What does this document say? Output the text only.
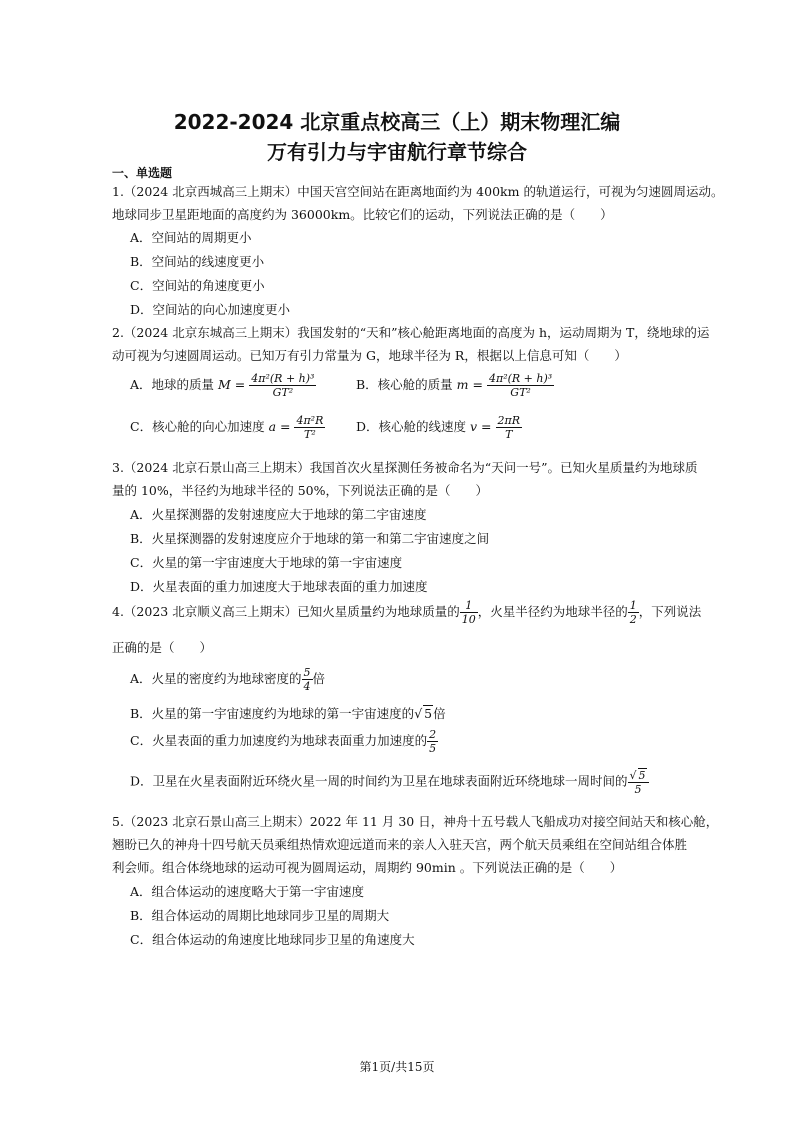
2022-2024 北京重点校高三（上）期末物理汇编
万有引力与宇宙航行章节综合
一、单选题
1.（2024 北京西城高三上期末）中国天宫空间站在距离地面约为 400km 的轨道运行，可视为匀速圆周运动。
地球同步卫星距地面的高度约为 36000km。比较它们的运动，下列说法正确的是（　　）
A．空间站的周期更小
B．空间站的线速度更小
C．空间站的角速度更小
D．空间站的向心加速度更小
2.（2024 北京东城高三上期末）我国发射的“天和”核心舱距离地面的高度为 h，运动周期为 T，绕地球的运
动可视为匀速圆周运动。已知万有引力常量为 G，地球半径为 R，根据以上信息可知（　　）
A．地球的质量 $M = \frac{\text{4π²(R + h)³}}{\text{GT²}}$	B．核心舱的质量 $m = \frac{\text{4π²(R + h)³}}{\text{GT²}}$
C．核心舱的向心加速度 $a = \frac{\text{4π²R}}{\text{T²}}$ D．核心舱的线速度 $v = \frac{2\pi R}{T}$
3.（2024 北京石景山高三上期末）我国首次火星探测任务被命名为“天问一号”。已知火星质量约为地球质
量的 10%，半径约为地球半径的 50%，下列说法正确的是（　　）
A．火星探测器的发射速度应大于地球的第二宇宙速度
B．火星探测器的发射速度应介于地球的第一和第二宇宙速度之间
C．火星的第一宇宙速度大于地球的第一宇宙速度
D．火星表面的重力加速度大于地球表面的重力加速度
4.（2023 北京顺义高三上期末）已知火星质量约为地球质量的 $\frac{1}{10}$ ，火星半径约为地球半径的 $\frac{1}{2}$ ，下列说法
正确的是（　　）
A．火星的密度约为地球密度的 $\frac{5}{4}$ 倍
B．火星的第一宇宙速度约为地球的第一宇宙速度的√ 5倍
C．火星表面的重力加速度约为地球表面重力加速度的 $\frac{2}{5}$
D．卫星在火星表面附近环绕火星一周的时间约为卫星在地球表面附近环绕地球一周时间的 $\frac{√ 5}{5}$
5.（2023 北京石景山高三上期末）2022 年 11 月 30 日，神舟十五号载人飞船成功对接空间站天和核心舱，
翘盼已久的神舟十四号航天员乘组热情欢迎远道而来的亲人入驻天宫，两个航天员乘组在空间站组合体胜
利会师。组合体绕地球的运动可视为圆周运动，周期约 90min 。下列说法正确的是（　　）
A．组合体运动的速度略大于第一宇宙速度
B．组合体运动的周期比地球同步卫星的周期大
C．组合体运动的角速度比地球同步卫星的角速度大
第1页/共15页
